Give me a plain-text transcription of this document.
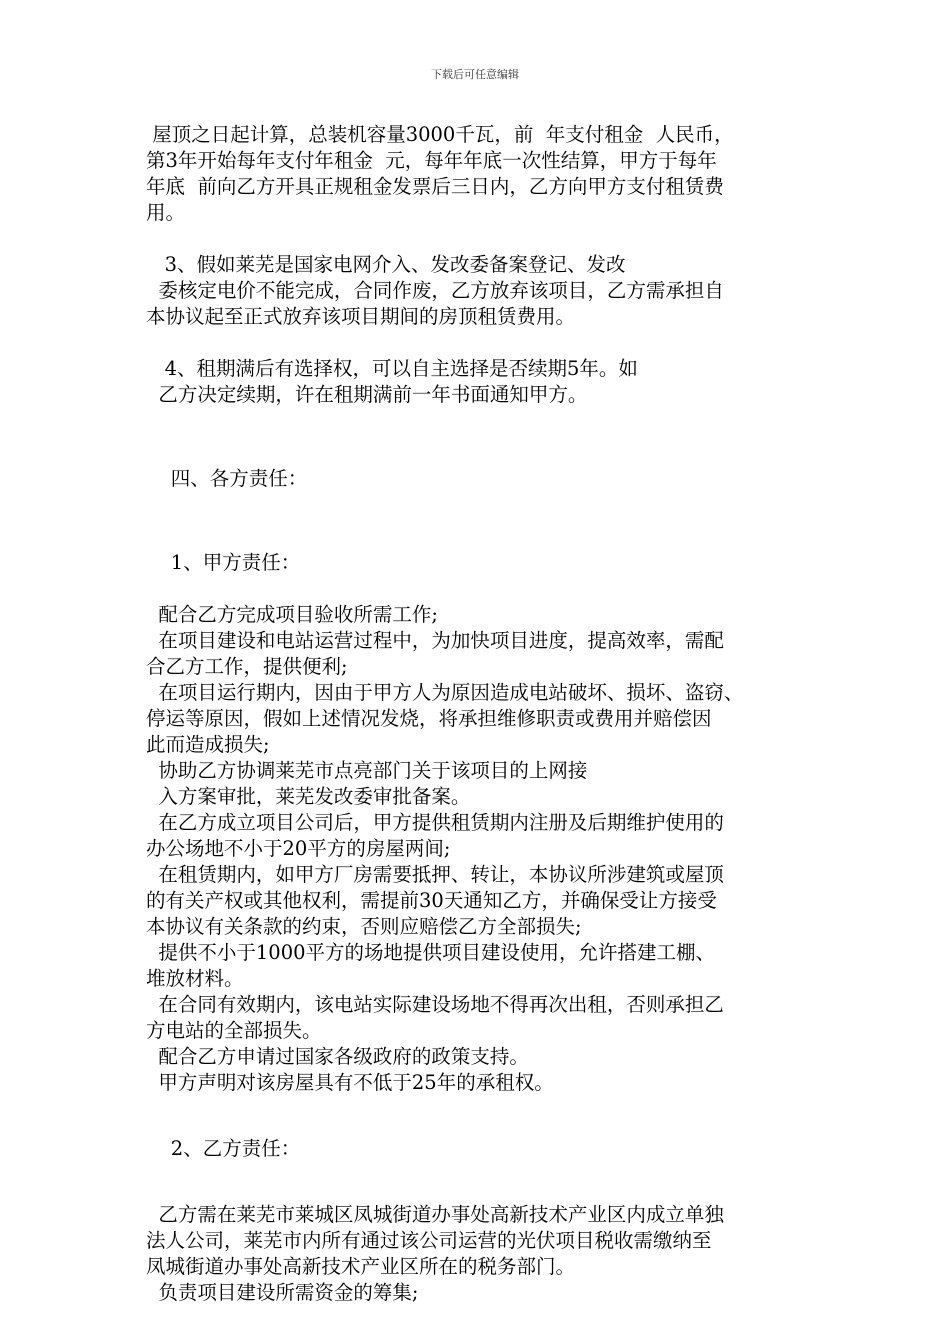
下载后可任意编辑
屋顶之日起计算，总装机容量3000千瓦，前  年支付租金  人民币，
第3年开始每年支付年租金  元，每年年底一次性结算，甲方于每年
年底  前向乙方开具正规租金发票后三日内，乙方向甲方支付租赁费
用。
3、假如莱芜是国家电网介入、发改委备案登记、发改
委核定电价不能完成，合同作废，乙方放弃该项目，乙方需承担自
本协议起至正式放弃该项目期间的房顶租赁费用。
4、租期满后有选择权，可以自主选择是否续期5年。如
乙方决定续期，许在租期满前一年书面通知甲方。
四、各方责任：
1、甲方责任：
配合乙方完成项目验收所需工作;
在项目建设和电站运营过程中，为加快项目进度，提高效率，需配
合乙方工作，提供便利;
在项目运行期内，因由于甲方人为原因造成电站破坏、损坏、盗窃、
停运等原因，假如上述情况发烧，将承担维修职责或费用并赔偿因
此而造成损失;
协助乙方协调莱芜市点亮部门关于该项目的上网接
入方案审批，莱芜发改委审批备案。
在乙方成立项目公司后，甲方提供租赁期内注册及后期维护使用的
办公场地不小于20平方的房屋两间;
在租赁期内，如甲方厂房需要抵押、转让，本协议所涉建筑或屋顶
的有关产权或其他权利，需提前30天通知乙方，并确保受让方接受
本协议有关条款的约束，否则应赔偿乙方全部损失;
提供不小于1000平方的场地提供项目建设使用，允许搭建工棚、
堆放材料。
在合同有效期内，该电站实际建设场地不得再次出租，否则承担乙
方电站的全部损失。
配合乙方申请过国家各级政府的政策支持。
甲方声明对该房屋具有不低于25年的承租权。
2、乙方责任：
乙方需在莱芜市莱城区凤城街道办事处高新技术产业区内成立单独
法人公司，莱芜市内所有通过该公司运营的光伏项目税收需缴纳至
凤城街道办事处高新技术产业区所在的税务部门。
负责项目建设所需资金的筹集;
